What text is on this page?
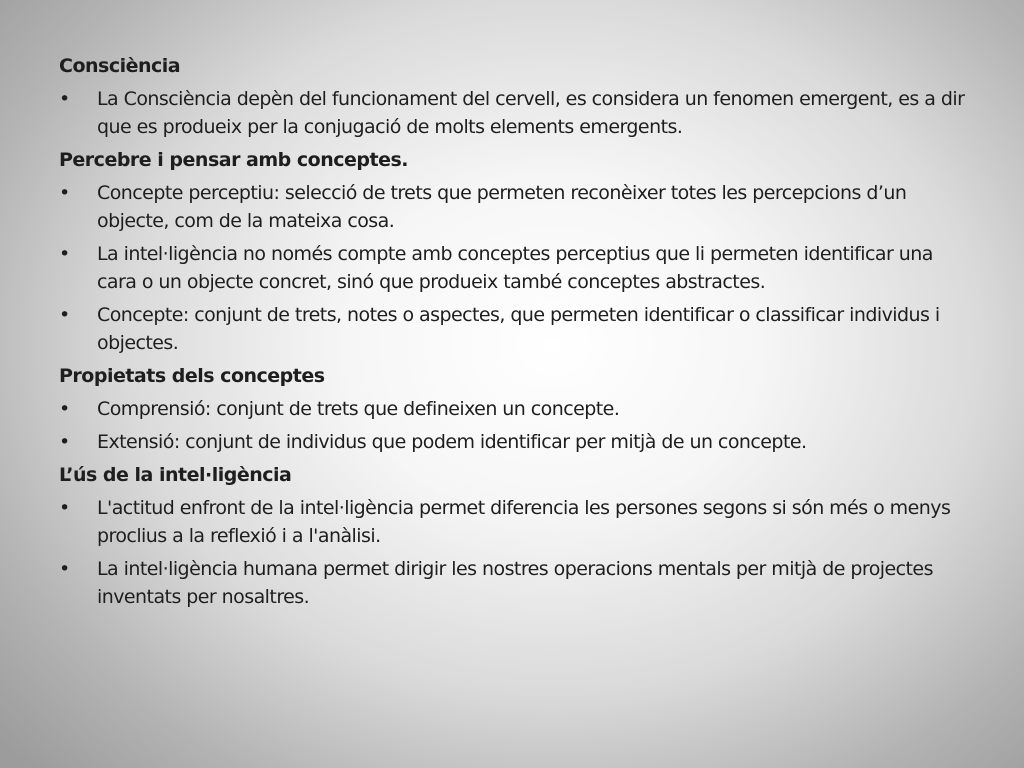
Consciència
•	La Consciència depèn del funcionament del cervell, es considera un fenomen emergent, es a dir que es produeix per la conjugació de molts elements emergents.
Percebre i pensar amb conceptes.
•	Concepte perceptiu: selecció de trets que permeten reconèixer totes les percepcions d’un objecte, com de la mateixa cosa.
•	La intel·ligència no només compte amb conceptes perceptius que li permeten identificar una cara o un objecte concret, sinó que produeix també conceptes abstractes.
•	Concepte: conjunt de trets, notes o aspectes, que permeten identificar o classificar individus i objectes.
Propietats dels conceptes
•	Comprensió: conjunt de trets que defineixen un concepte.
•	Extensió: conjunt de individus que podem identificar per mitjà de un concepte.
L’ús de la intel·ligència
•	L'actitud enfront de la intel·ligència permet diferencia les persones segons si són més o menys proclius a la reflexió i a l'anàlisi.
•	La intel·ligència humana permet dirigir les nostres operacions mentals per mitjà de projectes inventats per nosaltres.
